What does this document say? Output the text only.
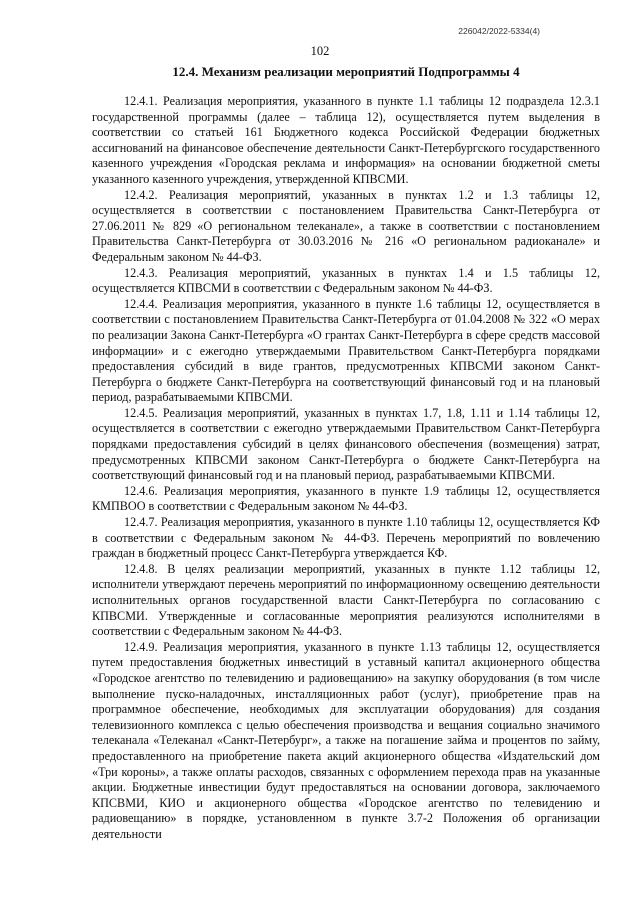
226042/2022-5334(4)
102
12.4. Механизм реализации мероприятий Подпрограммы 4

12.4.1. Реализация мероприятия, указанного в пункте 1.1 таблицы 12 подраздела 12.3.1 государственной программы (далее – таблица 12), осуществляется путем выделения в соответствии со статьей 161 Бюджетного кодекса Российской Федерации бюджетных ассигнований на финансовое обеспечение деятельности Санкт-Петербургского государственного казенного учреждения «Городская реклама и информация» на основании бюджетной сметы указанного казенного учреждения, утвержденной КПВСМИ.

12.4.2. Реализация мероприятий, указанных в пунктах 1.2 и 1.3 таблицы 12, осуществляется в соответствии с постановлением Правительства Санкт-Петербурга от 27.06.2011 № 829 «О региональном телеканале», а также в соответствии с постановлением Правительства Санкт-Петербурга от 30.03.2016 № 216 «О региональном радиоканале» и Федеральным законом № 44-ФЗ.

12.4.3. Реализация мероприятий, указанных в пунктах 1.4 и 1.5 таблицы 12, осуществляется КПВСМИ в соответствии с Федеральным законом № 44-ФЗ.

12.4.4. Реализация мероприятия, указанного в пункте 1.6 таблицы 12, осуществляется в соответствии с постановлением Правительства Санкт-Петербурга от 01.04.2008 № 322 «О мерах по реализации Закона Санкт-Петербурга «О грантах Санкт-Петербурга в сфере средств массовой информации» и с ежегодно утверждаемыми Правительством Санкт-Петербурга порядками предоставления субсидий в виде грантов, предусмотренных КПВСМИ законом Санкт-Петербурга о бюджете Санкт-Петербурга на соответствующий финансовый год и на плановый период, разрабатываемыми КПВСМИ.

12.4.5. Реализация мероприятий, указанных в пунктах 1.7, 1.8, 1.11 и 1.14 таблицы 12, осуществляется в соответствии с ежегодно утверждаемыми Правительством Санкт-Петербурга порядками предоставления субсидий в целях финансового обеспечения (возмещения) затрат, предусмотренных КПВСМИ законом Санкт-Петербурга о бюджете Санкт-Петербурга на соответствующий финансовый год и на плановый период, разрабатываемыми КПВСМИ.

12.4.6. Реализация мероприятия, указанного в пункте 1.9 таблицы 12, осуществляется КМПВОО в соответствии с Федеральным законом № 44-ФЗ.

12.4.7. Реализация мероприятия, указанного в пункте 1.10 таблицы 12, осуществляется КФ в соответствии с Федеральным законом № 44-ФЗ. Перечень мероприятий по вовлечению граждан в бюджетный процесс Санкт-Петербурга утверждается КФ.

12.4.8. В целях реализации мероприятий, указанных в пункте 1.12 таблицы 12, исполнители утверждают перечень мероприятий по информационному освещению деятельности исполнительных органов государственной власти Санкт-Петербурга по согласованию с КПВСМИ. Утвержденные и согласованные мероприятия реализуются исполнителями в соответствии с Федеральным законом № 44-ФЗ.

12.4.9. Реализация мероприятия, указанного в пункте 1.13 таблицы 12, осуществляется путем предоставления бюджетных инвестиций в уставный капитал акционерного общества «Городское агентство по телевидению и радиовещанию» на закупку оборудования (в том числе выполнение пуско-наладочных, инсталляционных работ (услуг), приобретение прав на программное обеспечение, необходимых для эксплуатации оборудования) для создания телевизионного комплекса с целью обеспечения производства и вещания социально значимого телеканала «Телеканал «Санкт-Петербург», а также на погашение займа и процентов по займу, предоставленного на приобретение пакета акций акционерного общества «Издательский дом «Три короны», а также оплаты расходов, связанных с оформлением перехода прав на указанные акции. Бюджетные инвестиции будут предоставляться на основании договора, заключаемого КПСВМИ, КИО и акционерного общества «Городское агентство по телевидению и радиовещанию» в порядке, установленном в пункте 3.7-2 Положения об организации деятельности
